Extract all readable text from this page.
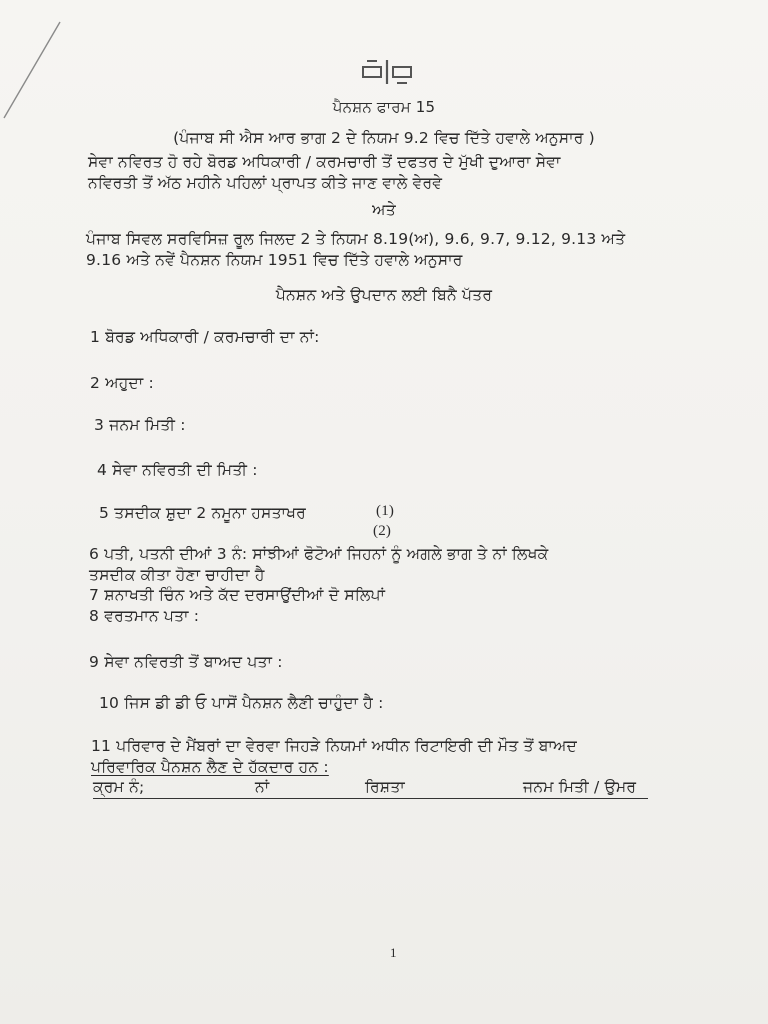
ਪੈਨਸ਼ਨ ਫਾਰਮ 15
(ਪੰਜਾਬ ਸੀ ਐਸ ਆਰ ਭਾਗ 2 ਦੇ ਨਿਯਮ 9.2 ਵਿਚ ਦਿੱਤੇ ਹਵਾਲੇ ਅਨੁਸਾਰ )
ਸੇਵਾ ਨਵਿਰਤ ਹੋ ਰਹੇ ਬੋਰਡ ਅਧਿਕਾਰੀ / ਕਰਮਚਾਰੀ ਤੋਂ ਦਫਤਰ ਦੇ ਮੁੱਖੀ ਦੁਆਰਾ ਸੇਵਾ
ਨਵਿਰਤੀ ਤੋਂ ਅੱਠ ਮਹੀਨੇ ਪਹਿਲਾਂ ਪ੍ਰਾਪਤ ਕੀਤੇ ਜਾਣ ਵਾਲੇ ਵੇਰਵੇ
ਅਤੇ
ਪੰਜਾਬ ਸਿਵਲ ਸਰਵਿਸਿਜ਼ ਰੂਲ ਜਿਲਦ 2 ਤੇ ਨਿਯਮ 8.19(ਅ), 9.6, 9.7, 9.12, 9.13 ਅਤੇ
9.16 ਅਤੇ ਨਵੇਂ ਪੈਨਸ਼ਨ ਨਿਯਮ 1951 ਵਿਚ ਦਿੱਤੇ ਹਵਾਲੇ ਅਨੁਸਾਰ
ਪੈਨਸ਼ਨ ਅਤੇ ਉਪਦਾਨ ਲਈ ਬਿਨੈ ਪੱਤਰ
1 ਬੋਰਡ ਅਧਿਕਾਰੀ / ਕਰਮਚਾਰੀ ਦਾ ਨਾਂ:
2 ਅਹੁਦਾ :
3 ਜਨਮ ਮਿਤੀ :
4 ਸੇਵਾ ਨਵਿਰਤੀ ਦੀ ਮਿਤੀ :
5 ਤਸਦੀਕ ਸ਼ੁਦਾ 2 ਨਮੂਨਾ ਹਸਤਾਖਰ	(1)
(2)
6 ਪਤੀ, ਪਤਨੀ ਦੀਆਂ 3 ਨੰ: ਸਾਂਝੀਆਂ ਫੋਟੋਆਂ ਜਿਹਨਾਂ ਨੂੰ ਅਗਲੇ ਭਾਗ ਤੇ ਨਾਂ ਲਿਖਕੇ
ਤਸਦੀਕ ਕੀਤਾ ਹੋਣਾ ਚਾਹੀਦਾ ਹੈ
7 ਸ਼ਨਾਖਤੀ ਚਿੰਨ ਅਤੇ ਕੱਦ ਦਰਸਾਉਂਦੀਆਂ ਦੋ ਸਲਿਪਾਂ
8 ਵਰਤਮਾਨ ਪਤਾ :
9 ਸੇਵਾ ਨਵਿਰਤੀ ਤੋਂ ਬਾਅਦ ਪਤਾ :
10 ਜਿਸ ਡੀ ਡੀ ਓ ਪਾਸੋਂ ਪੈਨਸ਼ਨ ਲੈਣੀ ਚਾਹੁੰਦਾ ਹੈ :
11 ਪਰਿਵਾਰ ਦੇ ਮੈਂਬਰਾਂ ਦਾ ਵੇਰਵਾ ਜਿਹੜੇ ਨਿਯਮਾਂ ਅਧੀਨ ਰਿਟਾਇਰੀ ਦੀ ਮੌਤ ਤੋਂ ਬਾਅਦ
ਪਰਿਵਾਰਿਕ ਪੈਨਸ਼ਨ ਲੈਣ ਦੇ ਹੱਕਦਾਰ ਹਨ :
ਕ੍ਰਮ ਨੰ;	ਨਾਂ	ਰਿਸ਼ਤਾ	ਜਨਮ ਮਿਤੀ / ਉਮਰ
1
